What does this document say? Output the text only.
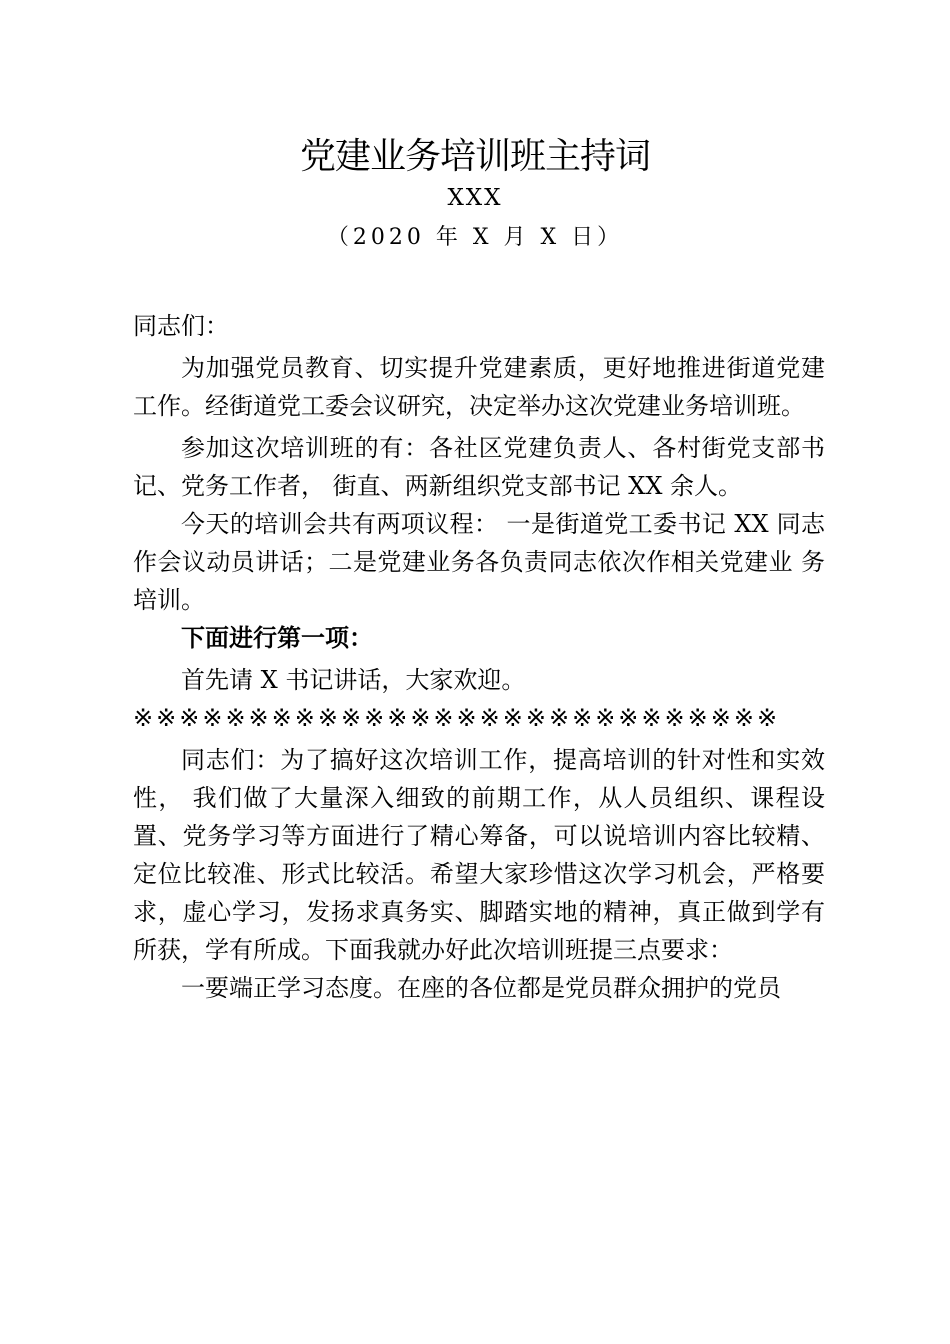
党建业务培训班主持词
XXX
（2020 年 X 月 X 日）

同志们：

为加强党员教育、切实提升党建素质，更好地推进街道党建工作。经街道党工委会议研究，决定举办这次党建业务培训班。

参加这次培训班的有：各社区党建负责人、各村街党支部书记、党务工作者， 街直、两新组织党支部书记 XX 余人。

今天的培训会共有两项议程： 一是街道党工委书记 XX 同志 作会议动员讲话；二是党建业务各负责同志依次作相关党建业 务培训。

下面进行第一项：

首先请 X 书记讲话，大家欢迎。

※※※※※※※※※※※※※※※※※※※※※※※※※※※※

同志们：为了搞好这次培训工作，提高培训的针对性和实效性， 我们做了大量深入细致的前期工作，从人员组织、课程设置、党务学习等方面进行了精心筹备，可以说培训内容比较精、 定位比较准、形式比较活。希望大家珍惜这次学习机会，严格要求，虚心学习，发扬求真务实、脚踏实地的精神，真正做到学有所获，学有所成。下面我就办好此次培训班提三点要求：

一要端正学习态度。在座的各位都是党员群众拥护的党员
